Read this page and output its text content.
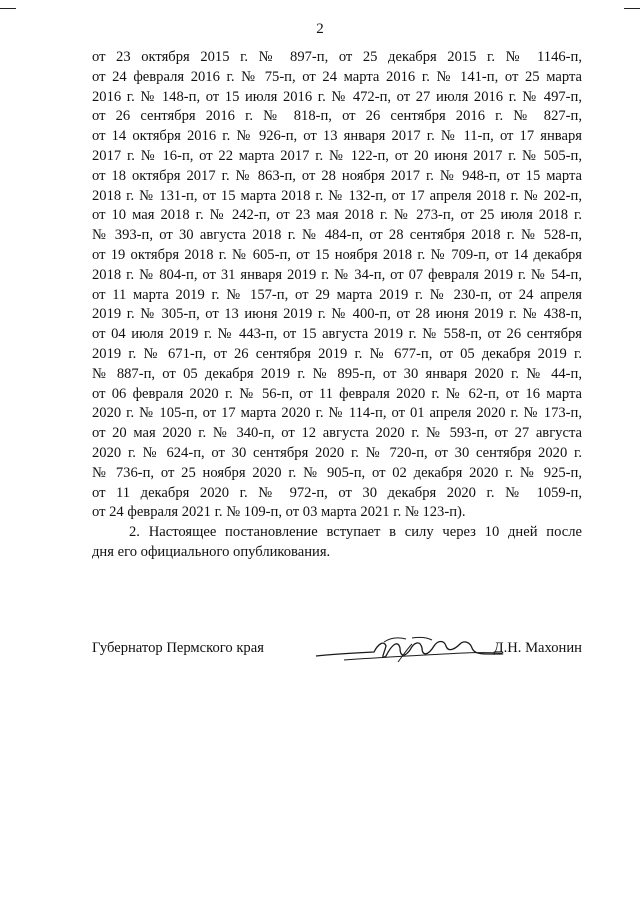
2
от 23 октября 2015 г. № 897-п, от 25 декабря 2015 г. № 1146-п,
от 24 февраля 2016 г. № 75-п, от 24 марта 2016 г. № 141-п, от 25 марта
2016 г. № 148-п, от 15 июля 2016 г. № 472-п, от 27 июля 2016 г. № 497-п,
от 26 сентября 2016 г. № 818-п, от 26 сентября 2016 г. № 827-п,
от 14 октября 2016 г. № 926-п, от 13 января 2017 г. № 11-п, от 17 января
2017 г. № 16-п, от 22 марта 2017 г. № 122-п, от 20 июня 2017 г. № 505-п,
от 18 октября 2017 г. № 863-п, от 28 ноября 2017 г. № 948-п, от 15 марта
2018 г. № 131-п, от 15 марта 2018 г. № 132-п, от 17 апреля 2018 г. № 202-п,
от 10 мая 2018 г. № 242-п, от 23 мая 2018 г. № 273-п, от 25 июля 2018 г.
№ 393-п, от 30 августа 2018 г. № 484-п, от 28 сентября 2018 г. № 528-п,
от 19 октября 2018 г. № 605-п, от 15 ноября 2018 г. № 709-п, от 14 декабря
2018 г. № 804-п, от 31 января 2019 г. № 34-п, от 07 февраля 2019 г. № 54-п,
от 11 марта 2019 г. № 157-п, от 29 марта 2019 г. № 230-п, от 24 апреля
2019 г. № 305-п, от 13 июня 2019 г. № 400-п, от 28 июня 2019 г. № 438-п,
от 04 июля 2019 г. № 443-п, от 15 августа 2019 г. № 558-п, от 26 сентября
2019 г. № 671-п, от 26 сентября 2019 г. № 677-п, от 05 декабря 2019 г.
№ 887-п, от 05 декабря 2019 г. № 895-п, от 30 января 2020 г. № 44-п,
от 06 февраля 2020 г. № 56-п, от 11 февраля 2020 г. № 62-п, от 16 марта
2020 г. № 105-п, от 17 марта 2020 г. № 114-п, от 01 апреля 2020 г. № 173-п,
от 20 мая 2020 г. № 340-п, от 12 августа 2020 г. № 593-п, от 27 августа
2020 г. № 624-п, от 30 сентября 2020 г. № 720-п, от 30 сентября 2020 г.
№ 736-п, от 25 ноября 2020 г. № 905-п, от 02 декабря 2020 г. № 925-п,
от 11 декабря 2020 г. № 972-п, от 30 декабря 2020 г. № 1059-п,
от 24 февраля 2021 г. № 109-п, от 03 марта 2021 г. № 123-п).
2. Настоящее постановление вступает в силу через 10 дней после
дня его официального опубликования.
Губернатор Пермского края	Д.Н. Махонин
